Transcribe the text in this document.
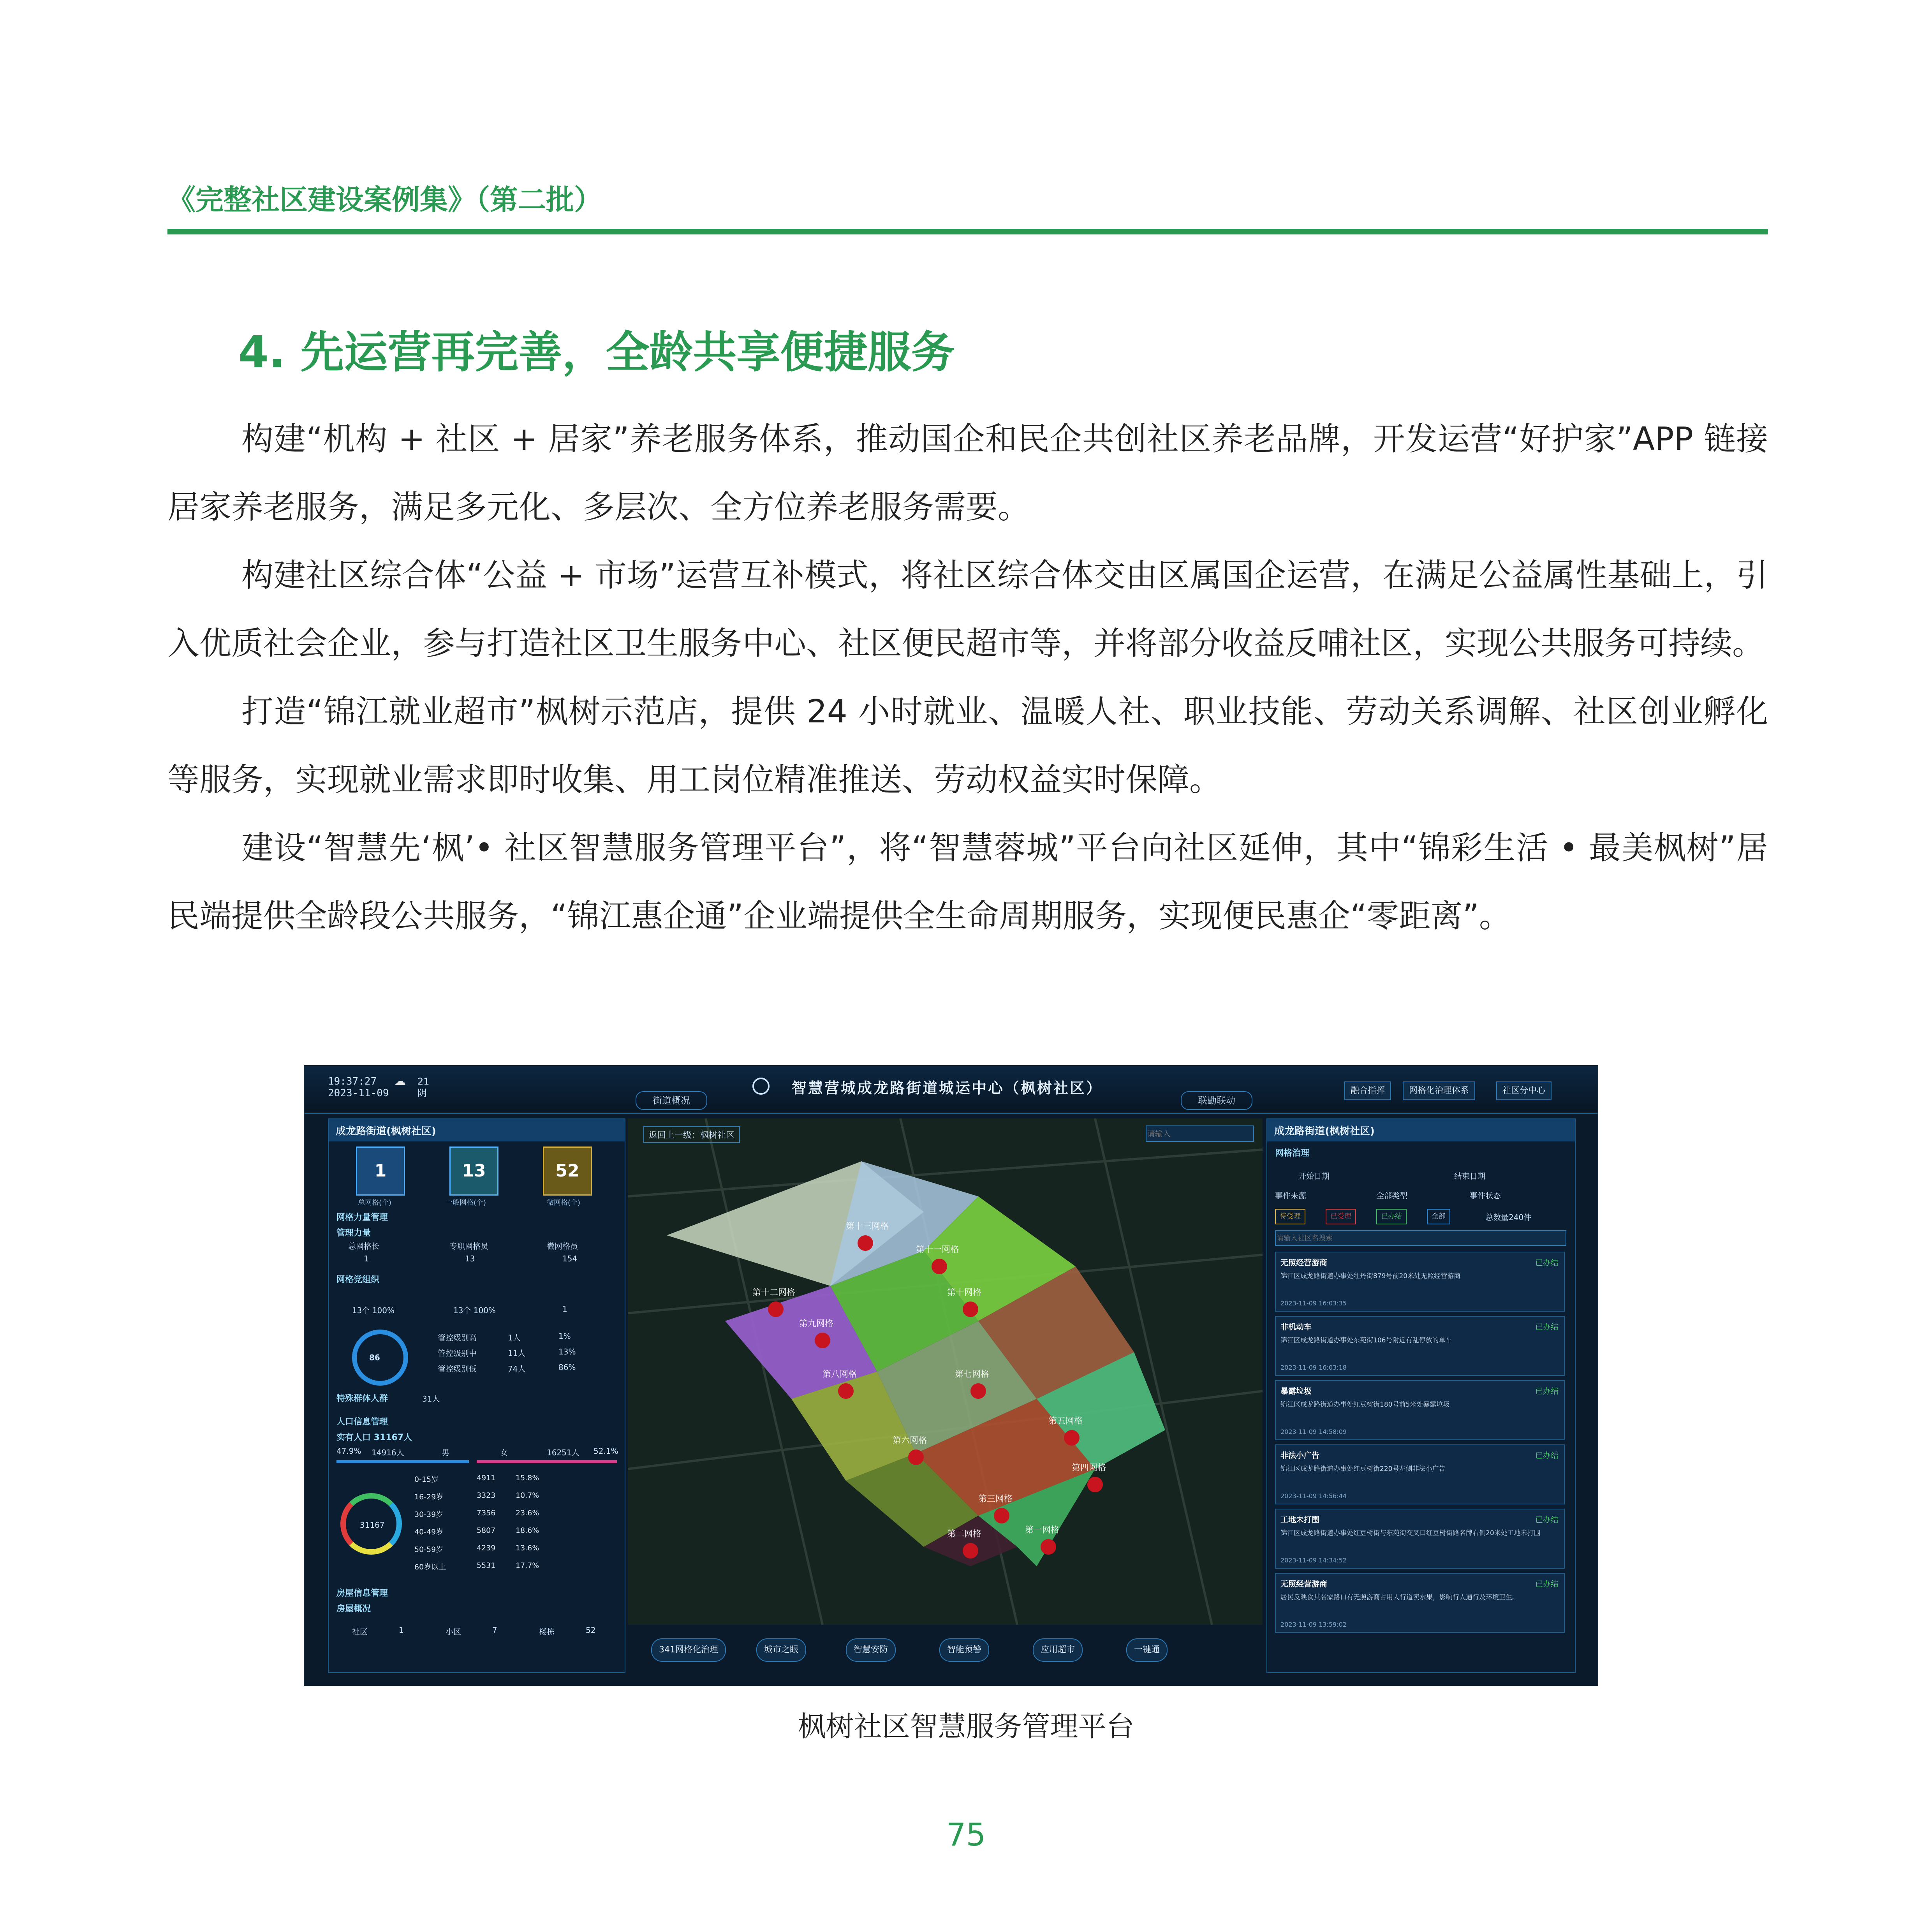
《完整社区建设案例集》（第二批）
4. 先运营再完善，全龄共享便捷服务

构建“机构 + 社区 + 居家”养老服务体系，推动国企和民企共创社区养老品牌，开发运营“好护家”APP 链接居家养老服务，满足多元化、多层次、全方位养老服务需要。

构建社区综合体“公益 + 市场”运营互补模式，将社区综合体交由区属国企运营，在满足公益属性基础上，引入优质社会企业，参与打造社区卫生服务中心、社区便民超市等，并将部分收益反哺社区，实现公共服务可持续。

打造“锦江就业超市”枫树示范店，提供 24 小时就业、温暖人社、职业技能、劳动关系调解、社区创业孵化等服务，实现就业需求即时收集、用工岗位精准推送、劳动权益实时保障。

建设“智慧先‘枫’• 社区智慧服务管理平台”，将“智慧蓉城”平台向社区延伸，其中“锦彩生活 • 最美枫树”居民端提供全龄段公共服务，“锦江惠企通”企业端提供全生命周期服务，实现便民惠企“零距离”。

19:37:27
2023-11-09
☁ 21
阴	智慧营城成龙路街道城运中心（枫树社区）
街道概况	联勤联动
融合指挥	网格化治理体系	社区分中心
成龙路街道(枫树社区)
1	13	52
总网格(个)	一般网格(个)	微网格(个)
网格力量管理
管理力量
总网格长	专职网格员	微网格员
1	13	154
网格党组织
13个 100%	13个 100%	1
86
管控级别高	1人	1%
管控级别中	11人	13%
管控级别低	74人	86%
特殊群体人群	31人
人口信息管理
实有人口 31167人
47.9% 14916人	男	女	16251人 52.1%
31167
0-15岁	4911	15.8%
16-29岁	3323	10.7%
30-39岁	7356	23.6%
40-49岁	5807	18.6%
50-59岁	4239	13.6%
60岁以上	5531	17.7%
房屋信息管理
房屋概况
社区	1	小区	7	楼栋	52

返回上一级：枫树社区
请输入
第十三网格
第十二网格
第十一网格
第十网格
第九网格
第八网格	第七网格
第六网格
第五网格
第四网格
第三网格
第二网格	第一网格
341网格化治理	城市之眼	智慧安防	智能预警	应用超市	一键通
成龙路街道(枫树社区)
网格治理
开始日期	结束日期
事件来源	全部类型	事件状态
待受理	已受理	已办结	全部	总数量240件
请输入社区名搜索
无照经营游商	已办结
锦江区成龙路街道办事处牡丹街879号前20米处无照经营游商
2023-11-09 16:03:35
非机动车	已办结
锦江区成龙路街道办事处东苑街106号附近有乱停放的单车
2023-11-09 16:03:18
暴露垃圾	已办结
锦江区成龙路街道办事处红豆树街180号前5米处暴露垃圾
2023-11-09 14:58:09
非法小广告	已办结
锦江区成龙路街道办事处红豆树街220号左侧非法小广告
2023-11-09 14:56:44
工地未打围	已办结
锦江区成龙路街道办事处红豆树街与东苑街交叉口红豆树街路名牌右侧20米处工地未打围
2023-11-09 14:34:52
无照经营游商	已办结
居民反映食其名家路口有无照游商占用人行道卖水果，影响行人通行及环境卫生。
2023-11-09 13:59:02
枫树社区智慧服务管理平台
75
